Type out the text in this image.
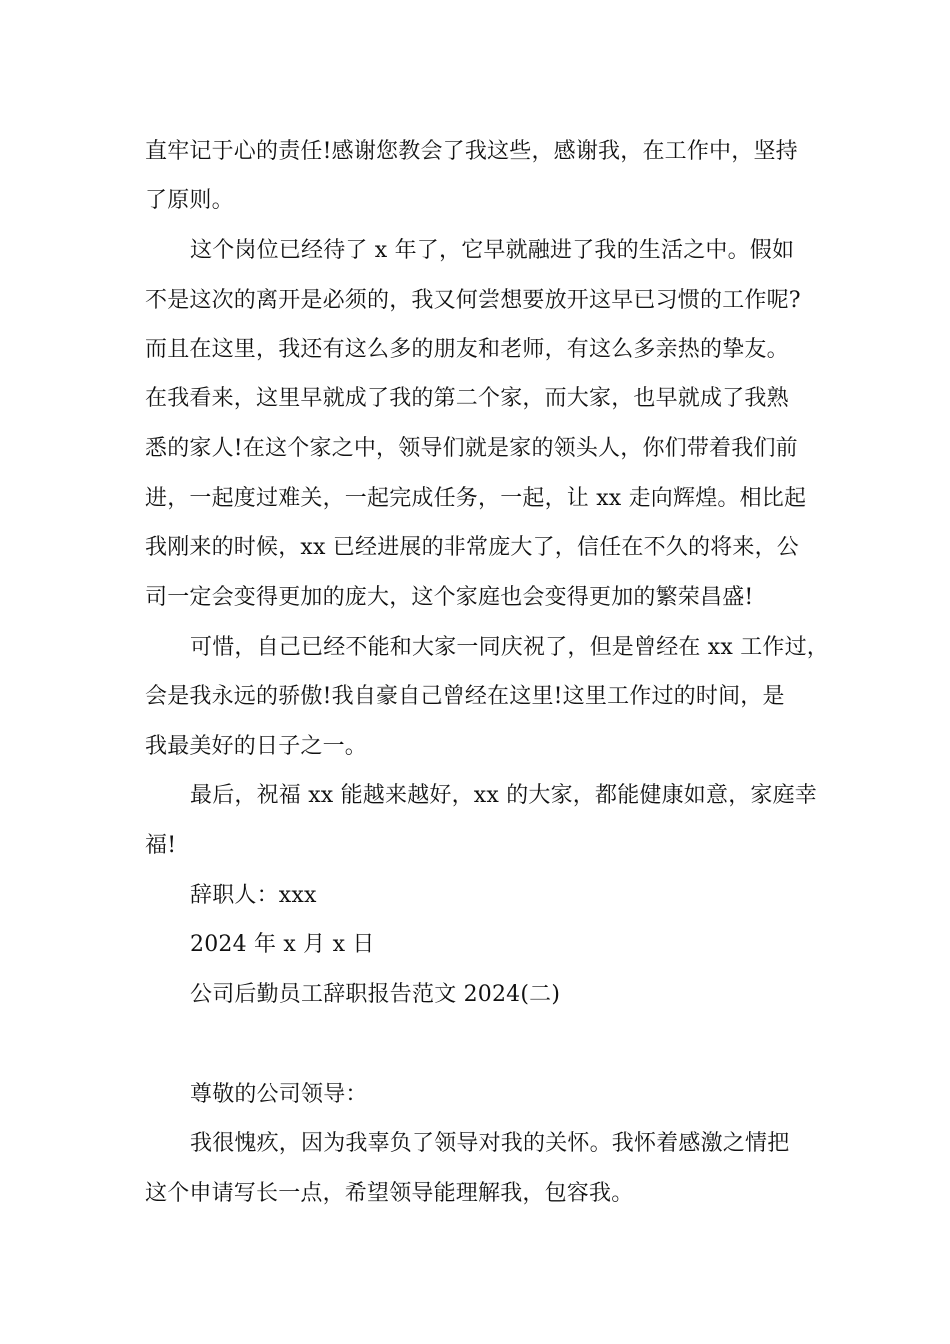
直牢记于心的责任!感谢您教会了我这些，感谢我，在工作中，坚持
了原则。
这个岗位已经待了 x 年了，它早就融进了我的生活之中。假如
不是这次的离开是必须的，我又何尝想要放开这早已习惯的工作呢?
而且在这里，我还有这么多的朋友和老师，有这么多亲热的挚友。
在我看来，这里早就成了我的第二个家，而大家，也早就成了我熟
悉的家人!在这个家之中，领导们就是家的领头人，你们带着我们前
进，一起度过难关，一起完成任务，一起，让 xx 走向辉煌。相比起
我刚来的时候，xx 已经进展的非常庞大了，信任在不久的将来，公
司一定会变得更加的庞大，这个家庭也会变得更加的繁荣昌盛!
可惜，自己已经不能和大家一同庆祝了，但是曾经在 xx 工作过，
会是我永远的骄傲!我自豪自己曾经在这里!这里工作过的时间，是
我最美好的日子之一。
最后，祝福 xx 能越来越好，xx 的大家，都能健康如意，家庭幸
福!
辞职人：xxx
2024 年 x 月 x 日
公司后勤员工辞职报告范文 2024(二)
尊敬的公司领导：
我很愧疚，因为我辜负了领导对我的关怀。我怀着感激之情把
这个申请写长一点，希望领导能理解我，包容我。
